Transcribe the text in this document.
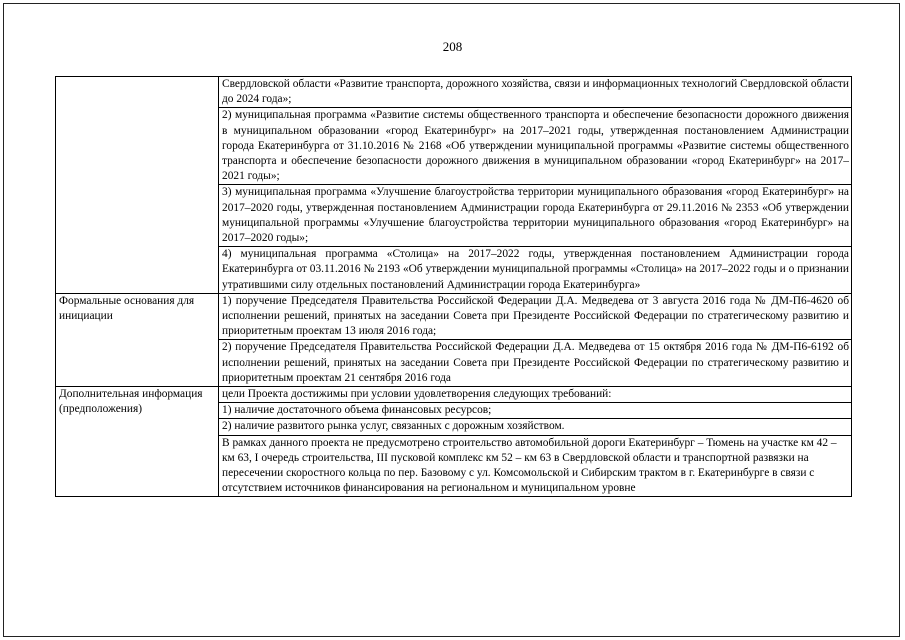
208

	Свердловской области «Развитие транспорта, дорожного хозяйства, связи и информационных технологий Свердловской области до 2024 года»;
2) муниципальная программа «Развитие системы общественного транспорта и обеспечение безопасности дорожного движения в муниципальном образовании «город Екатеринбург» на 2017–2021 годы, утвержденная постановлением Администрации города Екатеринбурга от 31.10.2016 № 2168 «Об утверждении муниципальной программы «Развитие системы общественного транспорта и обеспечение безопасности дорожного движения в муниципальном образовании «город Екатеринбург» на 2017–2021 годы»;
3) муниципальная программа «Улучшение благоустройства территории муниципального образования «город Екатеринбург» на 2017–2020 годы, утвержденная постановлением Администрации города Екатеринбурга от 29.11.2016 № 2353 «Об утверждении муниципальной программы «Улучшение благоустройства территории муниципального образования «город Екатеринбург» на 2017–2020 годы»;
4) муниципальная программа «Столица» на 2017–2022 годы, утвержденная постановлением Администрации города Екатеринбурга от 03.11.2016 № 2193 «Об утверждении муниципальной программы «Столица» на 2017–2022 годы и о признании утратившими силу отдельных постановлений Администрации города Екатеринбурга»

Формальные основания для инициации	1) поручение Председателя Правительства Российской Федерации Д.А. Медведева от 3 августа 2016 года № ДМ-П6-4620 об исполнении решений, принятых на заседании Совета при Президенте Российской Федерации по стратегическому развитию и приоритетным проектам 13 июля 2016 года;
2) поручение Председателя Правительства Российской Федерации Д.А. Медведева от 15 октября 2016 года № ДМ-П6-6192 об исполнении решений, принятых на заседании Совета при Президенте Российской Федерации по стратегическому развитию и приоритетным проектам 21 сентября 2016 года

Дополнительная информация (предположения)	цели Проекта достижимы при условии удовлетворения следующих требований:
1) наличие достаточного объема финансовых ресурсов;
2) наличие развитого рынка услуг, связанных с дорожным хозяйством.
В рамках данного проекта не предусмотрено строительство автомобильной дороги Екатеринбург – Тюмень на участке км 42 – км 63, I очередь строительства, III пусковой комплекс км 52 – км 63 в Свердловской области и транспортной развязки на пересечении скоростного кольца по пер. Базовому с ул. Комсомольской и Сибирским трактом в г. Екатеринбурге в связи с отсутствием источников финансирования на региональном и муниципальном уровне
